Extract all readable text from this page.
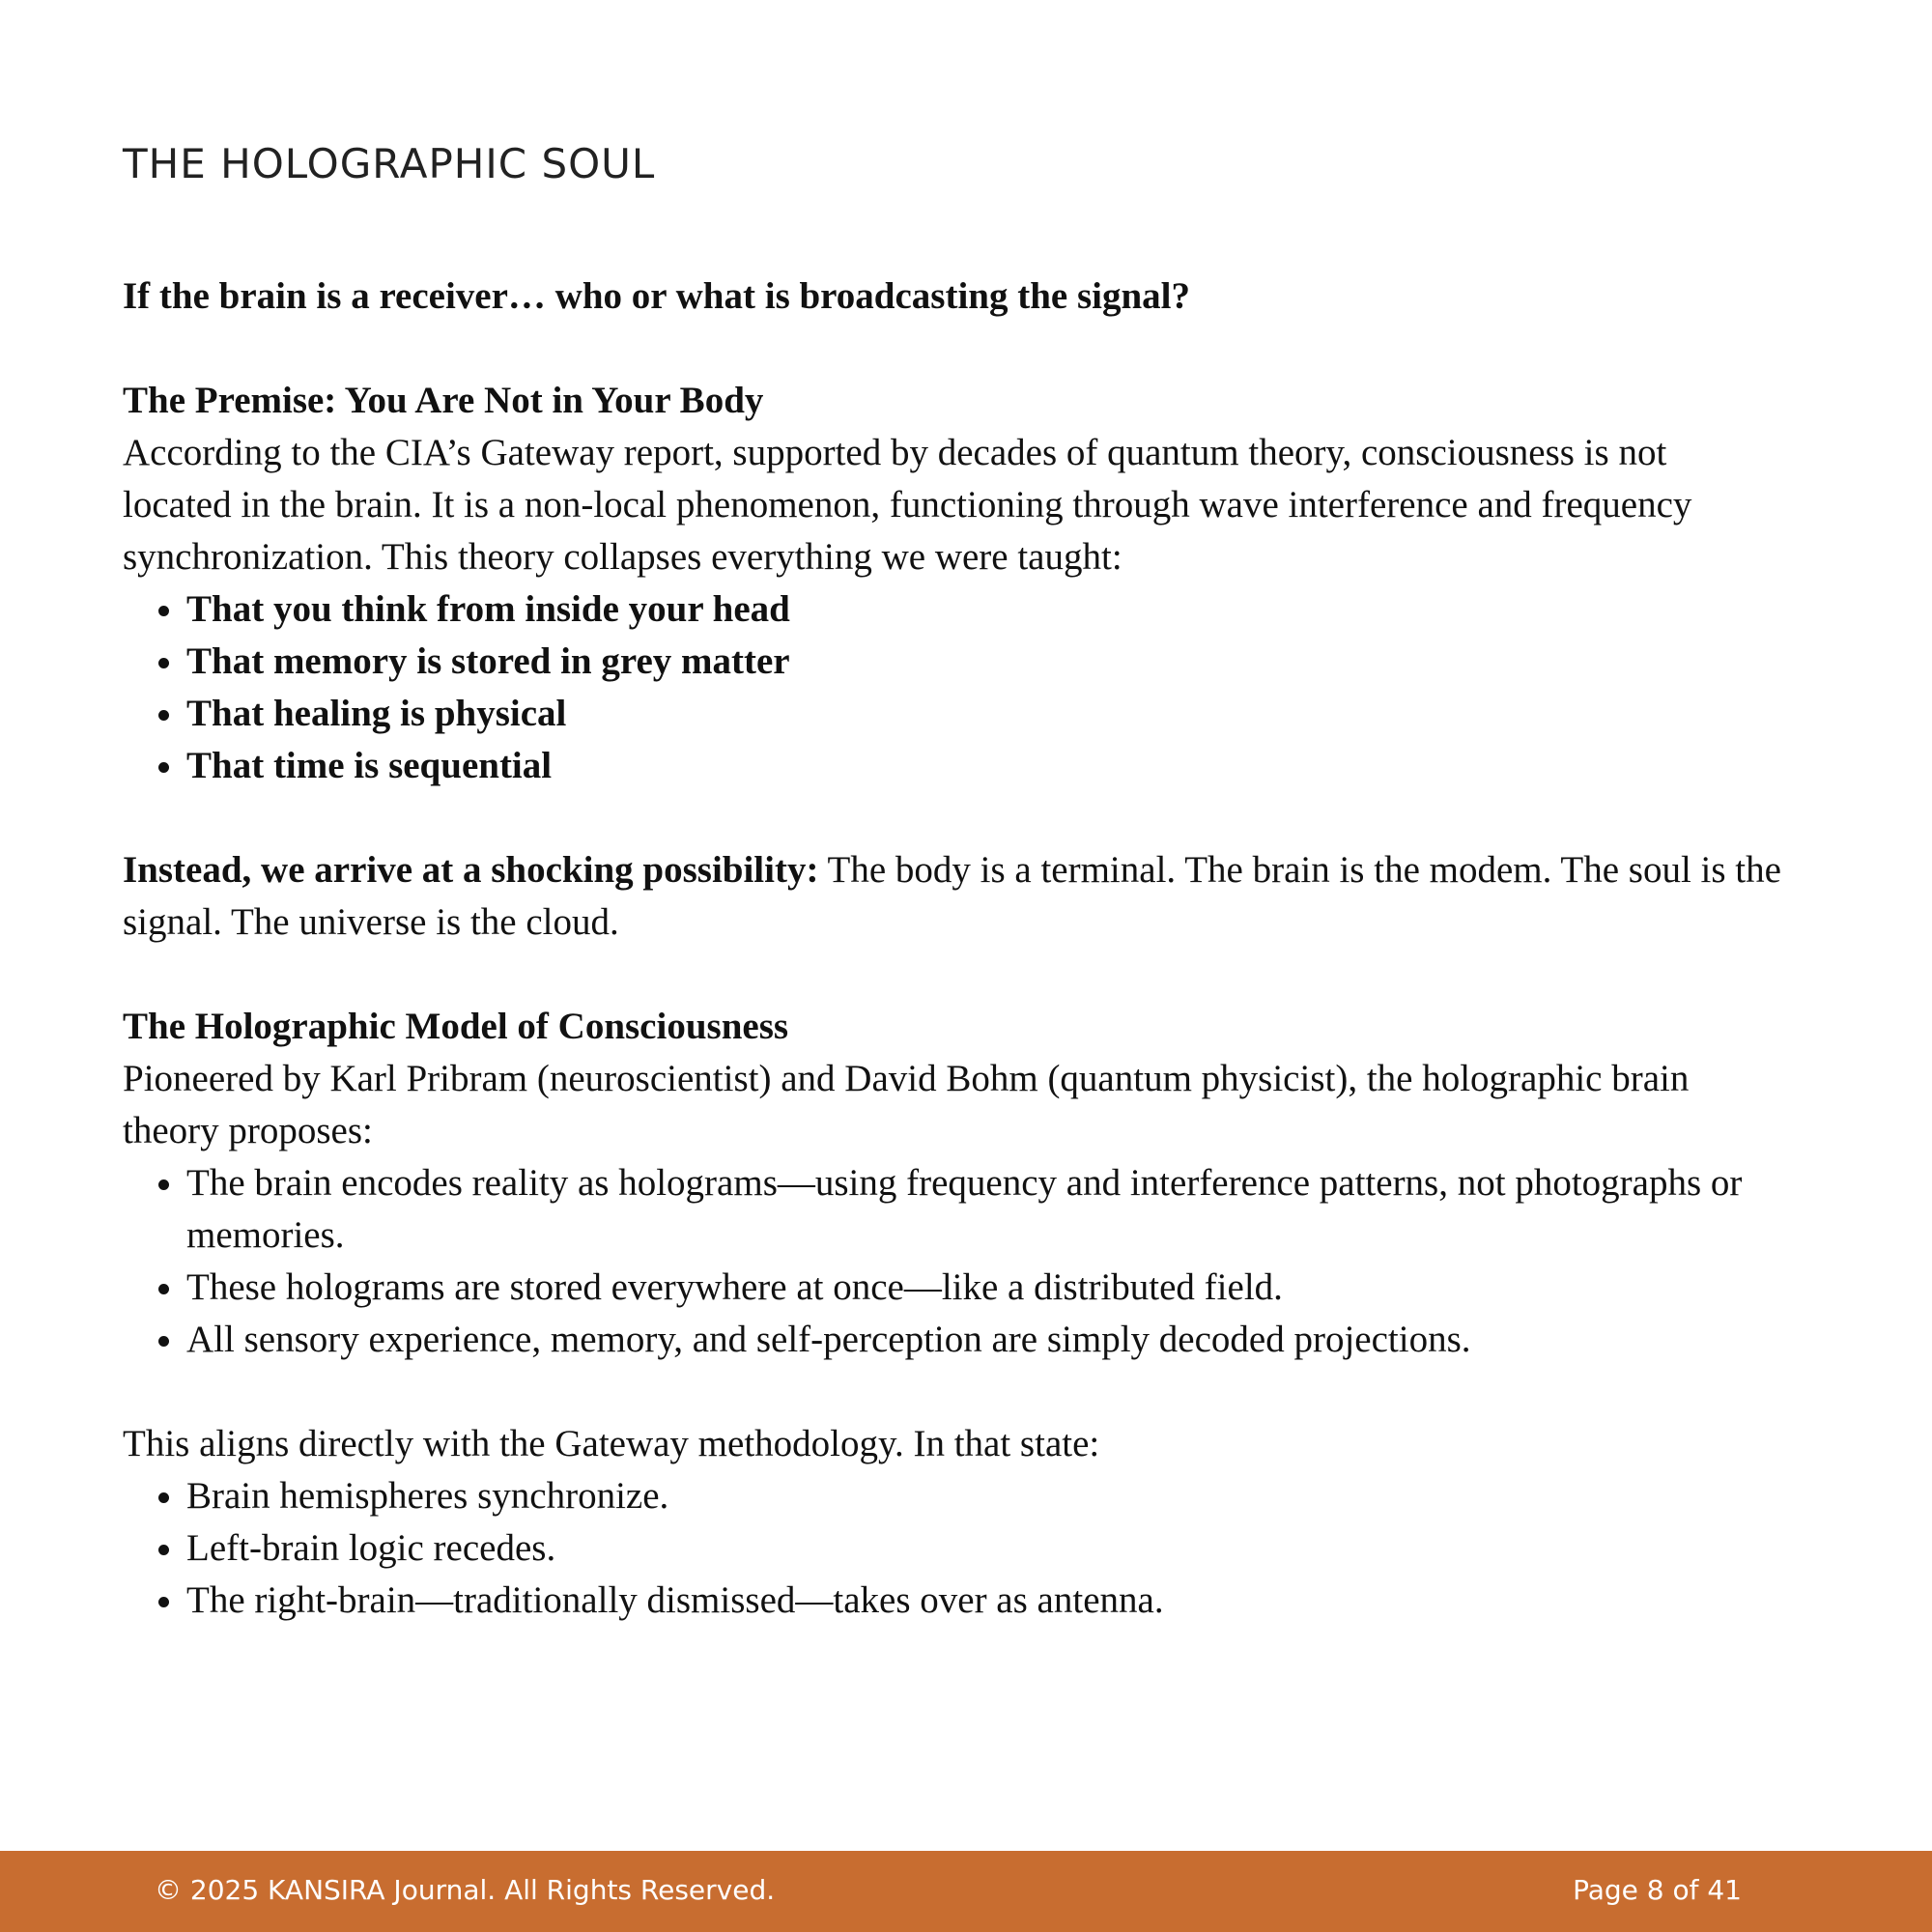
THE HOLOGRAPHIC SOUL

If the brain is a receiver… who or what is broadcasting the signal?

The Premise: You Are Not in Your Body

According to the CIA’s Gateway report, supported by decades of quantum theory, consciousness is not located in the brain. It is a non-local phenomenon, functioning through wave interference and frequency synchronization. This theory collapses everything we were taught:

• That you think from inside your head
• That memory is stored in grey matter
• That healing is physical
• That time is sequential

Instead, we arrive at a shocking possibility: The body is a terminal. The brain is the modem. The soul is the signal. The universe is the cloud.

The Holographic Model of Consciousness

Pioneered by Karl Pribram (neuroscientist) and David Bohm (quantum physicist), the holographic brain theory proposes:

• The brain encodes reality as holograms—using frequency and interference patterns, not photographs or memories.
• These holograms are stored everywhere at once—like a distributed field.
• All sensory experience, memory, and self-perception are simply decoded projections.

This aligns directly with the Gateway methodology. In that state:

• Brain hemispheres synchronize.
• Left-brain logic recedes.
• The right-brain—traditionally dismissed—takes over as antenna.
© 2025 KANSIRA Journal. All Rights Reserved.	Page 8 of 41
